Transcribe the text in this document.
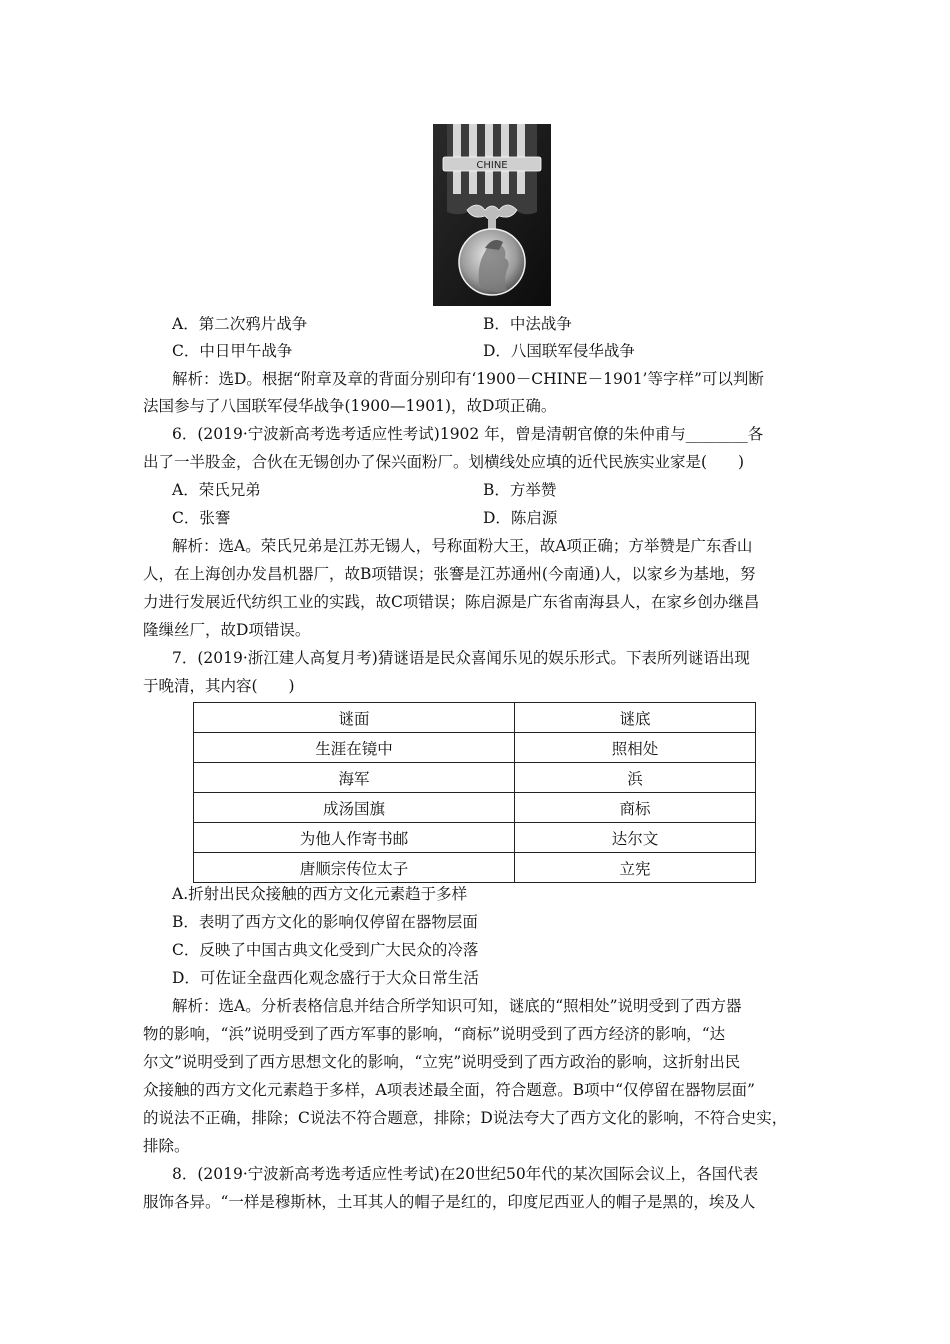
CHINE
A．第二次鸦片战争	B．中法战争
C．中日甲午战争	D．八国联军侵华战争
解析：选D。根据“附章及章的背面分别印有‘1900－CHINE－1901’等字样”可以判断
法国参与了八国联军侵华战争(1900—1901)，故D项正确。
6．(2019·宁波新高考选考适应性考试)1902 年，曾是清朝官僚的朱仲甫与________各
出了一半股金，合伙在无锡创办了保兴面粉厂。划横线处应填的近代民族实业家是(　　)
A．荣氏兄弟	B．方举赞
C．张謇	D．陈启源
解析：选A。荣氏兄弟是江苏无锡人，号称面粉大王，故A项正确；方举赞是广东香山
人，在上海创办发昌机器厂，故B项错误；张謇是江苏通州(今南通)人，以家乡为基地，努
力进行发展近代纺织工业的实践，故C项错误；陈启源是广东省南海县人，在家乡创办继昌
隆缫丝厂，故D项错误。
7．(2019·浙江建人高复月考)猜谜语是民众喜闻乐见的娱乐形式。下表所列谜语出现
于晚清，其内容(　　)
谜面	谜底
生涯在镜中	照相处
海军	浜
成汤国旗	商标
为他人作寄书邮	达尔文
唐顺宗传位太子	立宪
A.折射出民众接触的西方文化元素趋于多样
B．表明了西方文化的影响仅停留在器物层面
C．反映了中国古典文化受到广大民众的冷落
D．可佐证全盘西化观念盛行于大众日常生活
解析：选A。分析表格信息并结合所学知识可知，谜底的“照相处”说明受到了西方器
物的影响，“浜”说明受到了西方军事的影响，“商标”说明受到了西方经济的影响，“达
尔文”说明受到了西方思想文化的影响，“立宪”说明受到了西方政治的影响，这折射出民
众接触的西方文化元素趋于多样，A项表述最全面，符合题意。B项中“仅停留在器物层面”
的说法不正确，排除；C说法不符合题意，排除；D说法夸大了西方文化的影响，不符合史实，
排除。
8．(2019·宁波新高考选考适应性考试)在20世纪50年代的某次国际会议上，各国代表
服饰各异。“一样是穆斯林，土耳其人的帽子是红的，印度尼西亚人的帽子是黑的，埃及人
